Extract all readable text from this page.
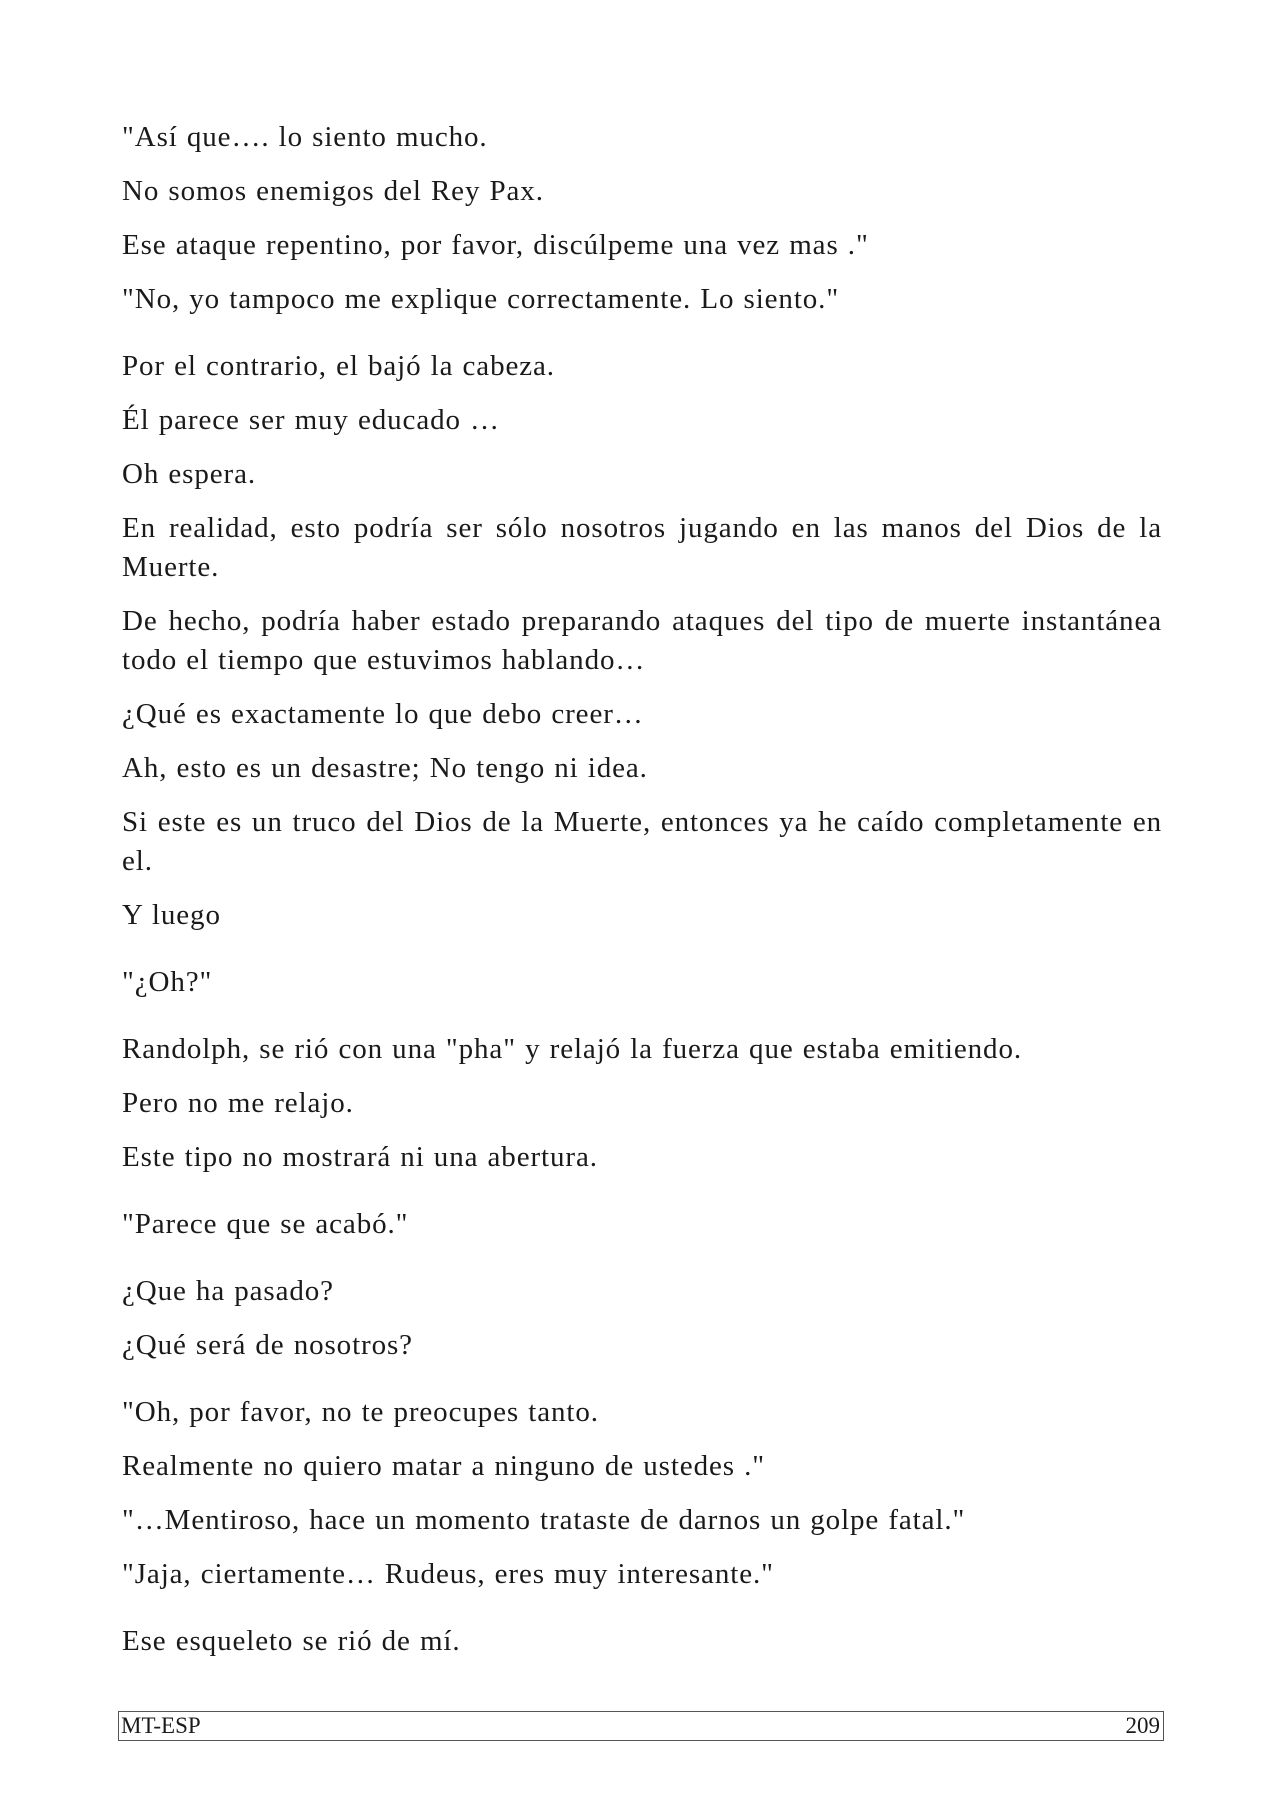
"Así que…. lo siento mucho.

No somos enemigos del Rey Pax.

Ese ataque repentino, por favor, discúlpeme una vez mas ."

"No, yo tampoco me explique correctamente. Lo siento."

Por el contrario, el bajó la cabeza.

Él parece ser muy educado …

Oh espera.

En realidad, esto podría ser sólo nosotros jugando en las manos del Dios de la Muerte.

De hecho, podría haber estado preparando ataques del tipo de muerte instantánea todo el tiempo que estuvimos hablando…

¿Qué es exactamente lo que debo creer…

Ah, esto es un desastre; No tengo ni idea.

Si este es un truco del Dios de la Muerte, entonces ya he caído completamente en el.

Y luego

"¿Oh?"

Randolph, se rió con una "pha" y relajó la fuerza que estaba emitiendo.

Pero no me relajo.

Este tipo no mostrará ni una abertura.

"Parece que se acabó."

¿Que ha pasado?

¿Qué será de nosotros?

"Oh, por favor, no te preocupes tanto.

Realmente no quiero matar a ninguno de ustedes ."

"…Mentiroso, hace un momento trataste de darnos un golpe fatal."

"Jaja, ciertamente… Rudeus, eres muy interesante."

Ese esqueleto se rió de mí.

MT-ESP	209
